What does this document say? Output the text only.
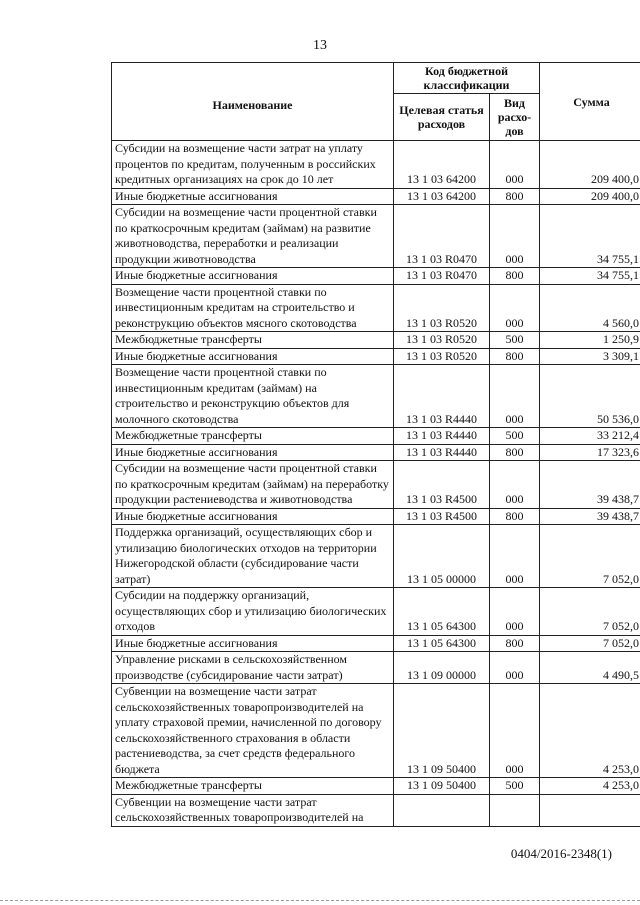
13
Наименование	Код бюджетной классификации		Сумма
	Целевая статья расходов	Вид расхо-дов	
Субсидии на возмещение части затрат на уплату процентов по кредитам, полученным в российских кредитных организациях на срок до 10 лет	13 1 03 64200	000	209 400,0
Иные бюджетные ассигнования	13 1 03 64200	800	209 400,0
Субсидии на возмещение части процентной ставки по краткосрочным кредитам (займам) на развитие животноводства, переработки и реализации продукции животноводства	13 1 03 R0470	000	34 755,1
Иные бюджетные ассигнования	13 1 03 R0470	800	34 755,1
Возмещение части процентной ставки по инвестиционным кредитам на строительство и реконструкцию объектов мясного скотоводства	13 1 03 R0520	000	4 560,0
Межбюджетные трансферты	13 1 03 R0520	500	1 250,9
Иные бюджетные ассигнования	13 1 03 R0520	800	3 309,1
Возмещение части процентной ставки по инвестиционным кредитам (займам) на строительство и реконструкцию объектов для молочного скотоводства	13 1 03 R4440	000	50 536,0
Межбюджетные трансферты	13 1 03 R4440	500	33 212,4
Иные бюджетные ассигнования	13 1 03 R4440	800	17 323,6
Субсидии на возмещение части процентной ставки по краткосрочным кредитам (займам) на переработку продукции растениеводства и животноводства	13 1 03 R4500	000	39 438,7
Иные бюджетные ассигнования	13 1 03 R4500	800	39 438,7
Поддержка организаций, осуществляющих сбор и утилизацию биологических отходов на территории Нижегородской области (субсидирование части затрат)	13 1 05 00000	000	7 052,0
Субсидии на поддержку организаций, осуществляющих сбор и утилизацию биологических отходов	13 1 05 64300	000	7 052,0
Иные бюджетные ассигнования	13 1 05 64300	800	7 052,0
Управление рисками в сельскохозяйственном производстве (субсидирование части затрат)	13 1 09 00000	000	4 490,5
Субвенции на возмещение части затрат сельскохозяйственных товаропроизводителей на уплату страховой премии, начисленной по договору сельскохозяйственного страхования в области растениеводства, за счет средств федерального бюджета	13 1 09 50400	000	4 253,0
Межбюджетные трансферты	13 1 09 50400	500	4 253,0
Субвенции на возмещение части затрат сельскохозяйственных товаропроизводителей на			
0404/2016-2348(1)
